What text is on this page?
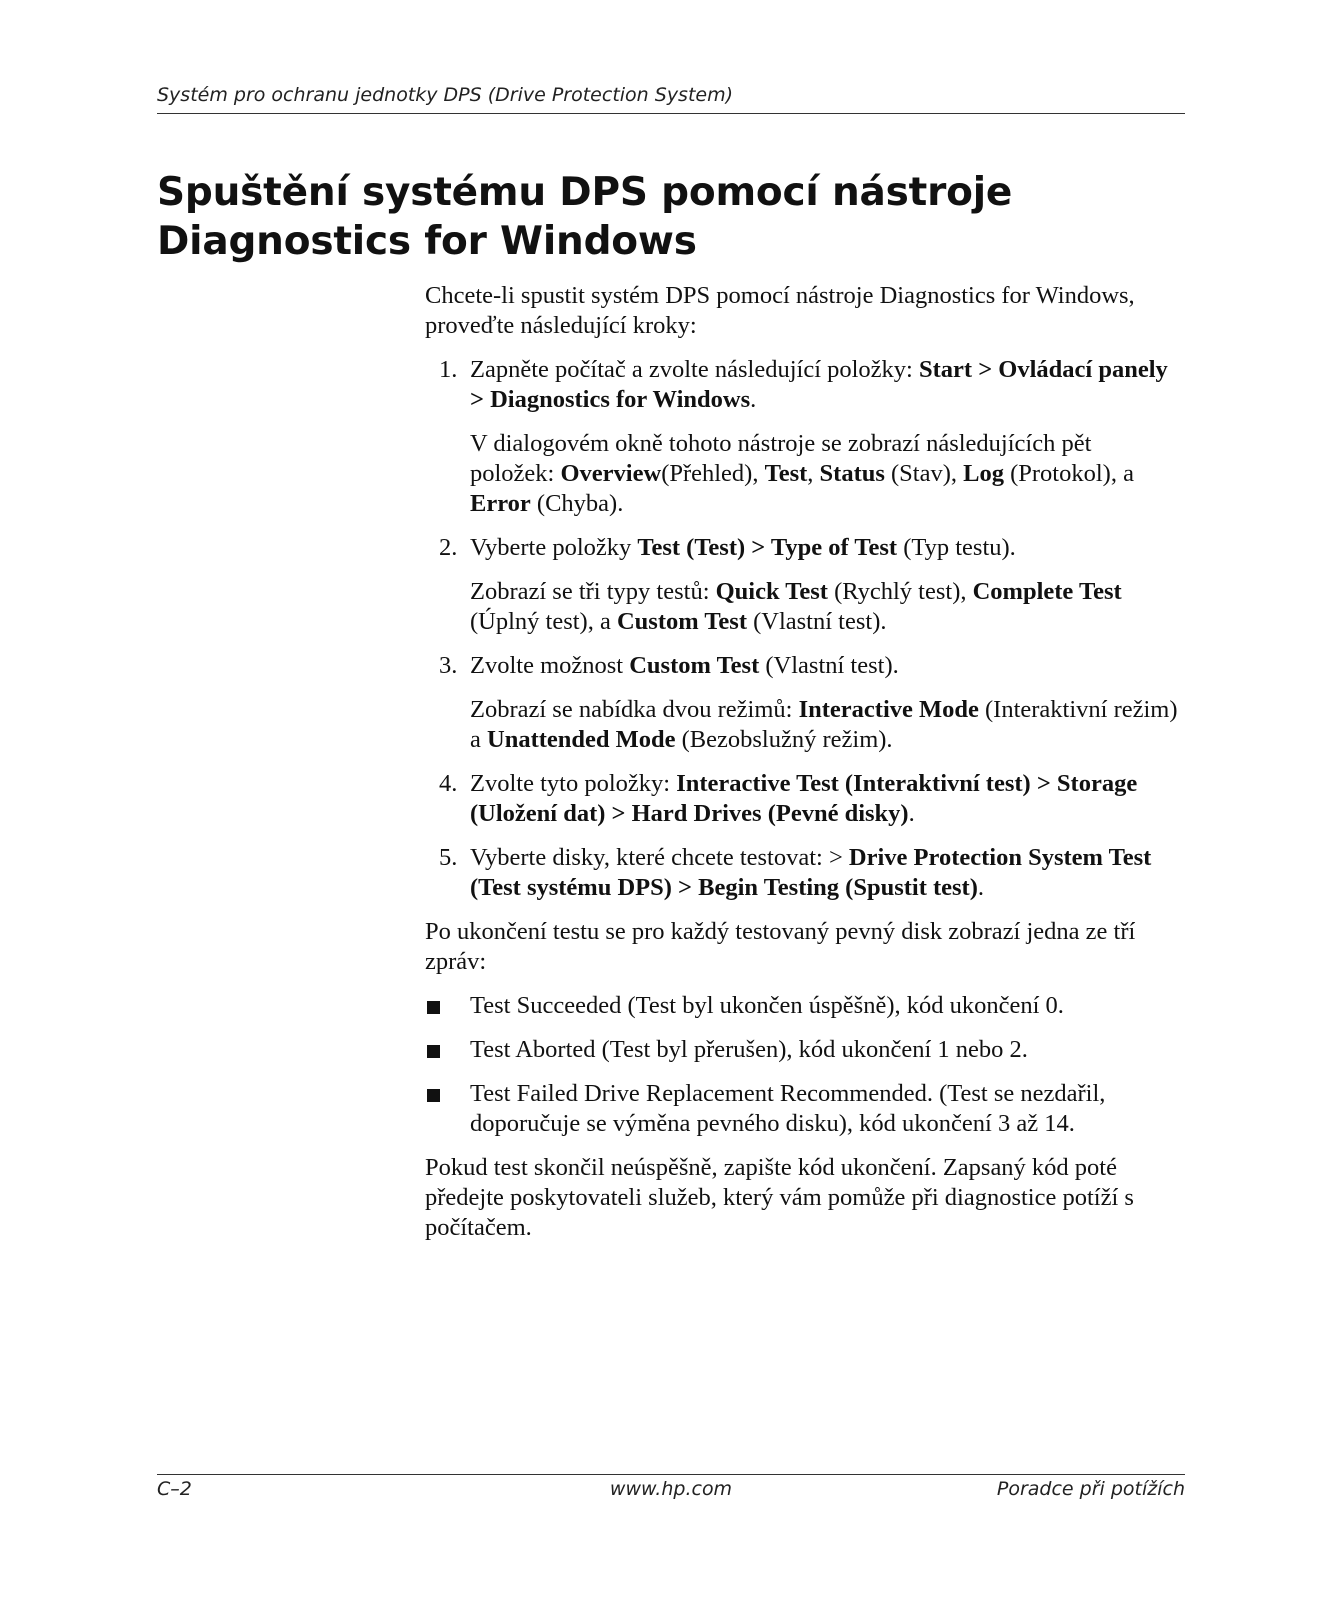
Systém pro ochranu jednotky DPS (Drive Protection System)
Spuštění systému DPS pomocí nástroje
Diagnostics for Windows

Chcete-li spustit systém DPS pomocí nástroje Diagnostics for Windows, proveďte následující kroky:

1. Zapněte počítač a zvolte následující položky: Start > Ovládací panely > Diagnostics for Windows.

V dialogovém okně tohoto nástroje se zobrazí následujících pět položek: Overview(Přehled), Test, Status (Stav), Log (Protokol), a Error (Chyba).

2. Vyberte položky Test (Test) > Type of Test (Typ testu).

Zobrazí se tři typy testů: Quick Test (Rychlý test), Complete Test (Úplný test), a Custom Test (Vlastní test).

3. Zvolte možnost Custom Test (Vlastní test).

Zobrazí se nabídka dvou režimů: Interactive Mode (Interaktivní režim) a Unattended Mode (Bezobslužný režim).

4. Zvolte tyto položky: Interactive Test (Interaktivní test) > Storage (Uložení dat) > Hard Drives (Pevné disky).

5. Vyberte disky, které chcete testovat: > Drive Protection System Test (Test systému DPS) > Begin Testing (Spustit test).

Po ukončení testu se pro každý testovaný pevný disk zobrazí jedna ze tří zpráv:

Test Succeeded (Test byl ukončen úspěšně), kód ukončení 0.

Test Aborted (Test byl přerušen), kód ukončení 1 nebo 2.

Test Failed Drive Replacement Recommended. (Test se nezdařil, doporučuje se výměna pevného disku), kód ukončení 3 až 14.

Pokud test skončil neúspěšně, zapište kód ukončení. Zapsaný kód poté předejte poskytovateli služeb, který vám pomůže při diagnostice potíží s počítačem.

C–2	www.hp.com	Poradce při potížích
